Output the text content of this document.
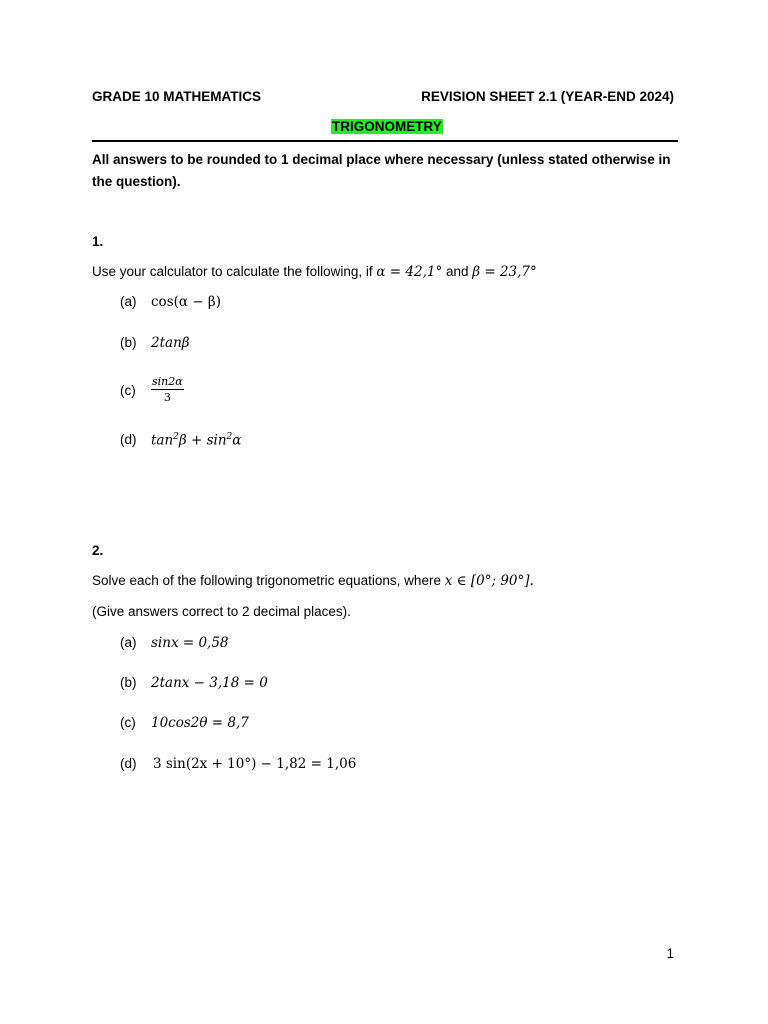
GRADE 10 MATHEMATICS	REVISION SHEET 2.1 (YEAR-END 2024)
TRIGONOMETRY
All answers to be rounded to 1 decimal place where necessary (unless stated otherwise in
the question).
1.
Use your calculator to calculate the following, if α = 42,1° and β = 23,7°
(a) cos(α − β)
(b) 2tanβ
$(c) \frac{\sin 2\alpha}{3}$
(d) $\tan^2\beta + \sin^2\alpha$
2.
Solve each of the following trigonometric equations, where x ∈ [0°; 90°].
(Give answers correct to 2 decimal places).
(a) sinx = 0,58
(b) 2tanx − 3,18 = 0
(c) 10cos2θ = 8,7
(d) 3 sin(2x + 10°) − 1,82 = 1,06
1
